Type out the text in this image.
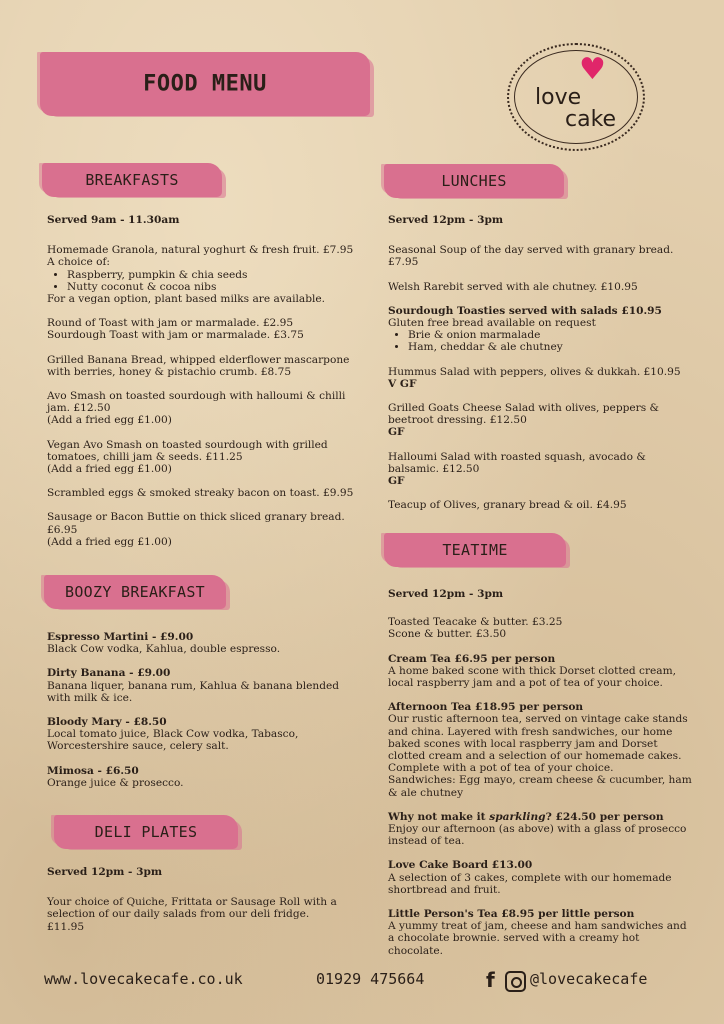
FOOD MENU	♥
love
cake
BREAKFASTS	LUNCHES
BOOZY BREAKFAST
TEATIME
DELI PLATES

Served 9am - 11.30am

Homemade Granola, natural yoghurt & fresh fruit. £7.95

A choice of:

• Raspberry, pumpkin & chia seeds
• Nutty coconut & cocoa nibs

For a vegan option, plant based milks are available.

Round of Toast with jam or marmalade. £2.95

Sourdough Toast with jam or marmalade. £3.75

Grilled Banana Bread, whipped elderflower mascarpone

with berries, honey & pistachio crumb. £8.75

Avo Smash on toasted sourdough with halloumi & chilli

jam. £12.50

(Add a fried egg £1.00)

Vegan Avo Smash on toasted sourdough with grilled

tomatoes, chilli jam & seeds. £11.25

(Add a fried egg £1.00)

Scrambled eggs & smoked streaky bacon on toast. £9.95

Sausage or Bacon Buttie on thick sliced granary bread.

£6.95

(Add a fried egg £1.00)

Espresso Martini - £9.00

Black Cow vodka, Kahlua, double espresso.

Dirty Banana - £9.00

Banana liquer, banana rum, Kahlua & banana blended

with milk & ice.

Bloody Mary - £8.50

Local tomato juice, Black Cow vodka, Tabasco,

Worcestershire sauce, celery salt.

Mimosa - £6.50

Orange juice & prosecco.

Served 12pm - 3pm

Your choice of Quiche, Frittata or Sausage Roll with a

selection of our daily salads from our deli fridge.

£11.95

Served 12pm - 3pm

Seasonal Soup of the day served with granary bread.

£7.95

Welsh Rarebit served with ale chutney. £10.95

Sourdough Toasties served with salads £10.95

Gluten free bread available on request

• Brie & onion marmalade
• Ham, cheddar & ale chutney

Hummus Salad with peppers, olives & dukkah. £10.95

V GF

Grilled Goats Cheese Salad with olives, peppers &

beetroot dressing. £12.50

GF

Halloumi Salad with roasted squash, avocado &

balsamic. £12.50

GF

Teacup of Olives, granary bread & oil. £4.95

Served 12pm - 3pm

Toasted Teacake & butter. £3.25

Scone & butter. £3.50

Cream Tea £6.95 per person

A home baked scone with thick Dorset clotted cream,

local raspberry jam and a pot of tea of your choice.

Afternoon Tea £18.95 per person

Our rustic afternoon tea, served on vintage cake stands

and china. Layered with fresh sandwiches, our home

baked scones with local raspberry jam and Dorset

clotted cream and a selection of our homemade cakes.

Complete with a pot of tea of your choice.

Sandwiches: Egg mayo, cream cheese & cucumber, ham

& ale chutney

Why not make it sparkling? £24.50 per person

Enjoy our afternoon (as above) with a glass of prosecco

instead of tea.

Love Cake Board £13.00

A selection of 3 cakes, complete with our homemade

shortbread and fruit.

Little Person's Tea £8.95 per little person

A yummy treat of jam, cheese and ham sandwiches and

a chocolate brownie. served with a creamy hot

chocolate.

www.lovecakecafe.co.uk	01929 475664	f @lovecakecafe
